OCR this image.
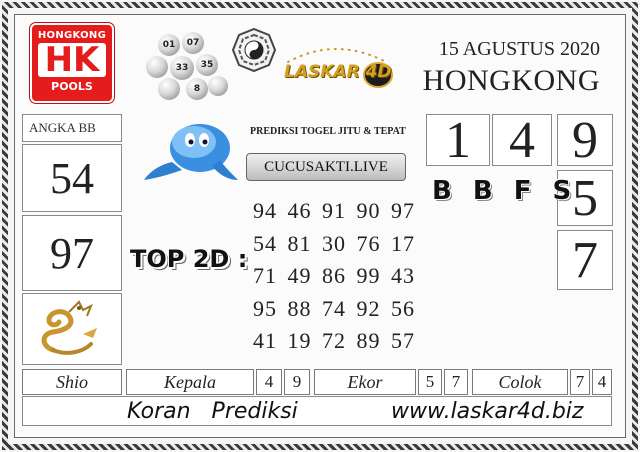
HONGKONG
HK
POOLS
01	07
33	35
8
LASKAR 4D
15 AGUSTUS 2020
HONGKONG
ANGKA BB
54
97
PREDIKSI TOGEL JITU & TEPAT
CUCUSAKTI.LIVE	1 4 9
5
7
B B F S
TOP 2D :
94 46 91 90 97
54 81 30 76 17
71 49 86 99 43
95 88 74 92 56
41 19 72 89 57
Shio	Kepala	4	9	Ekor	5	7	Colok	7 4
Koran   Prediksi	www.laskar4d.biz
